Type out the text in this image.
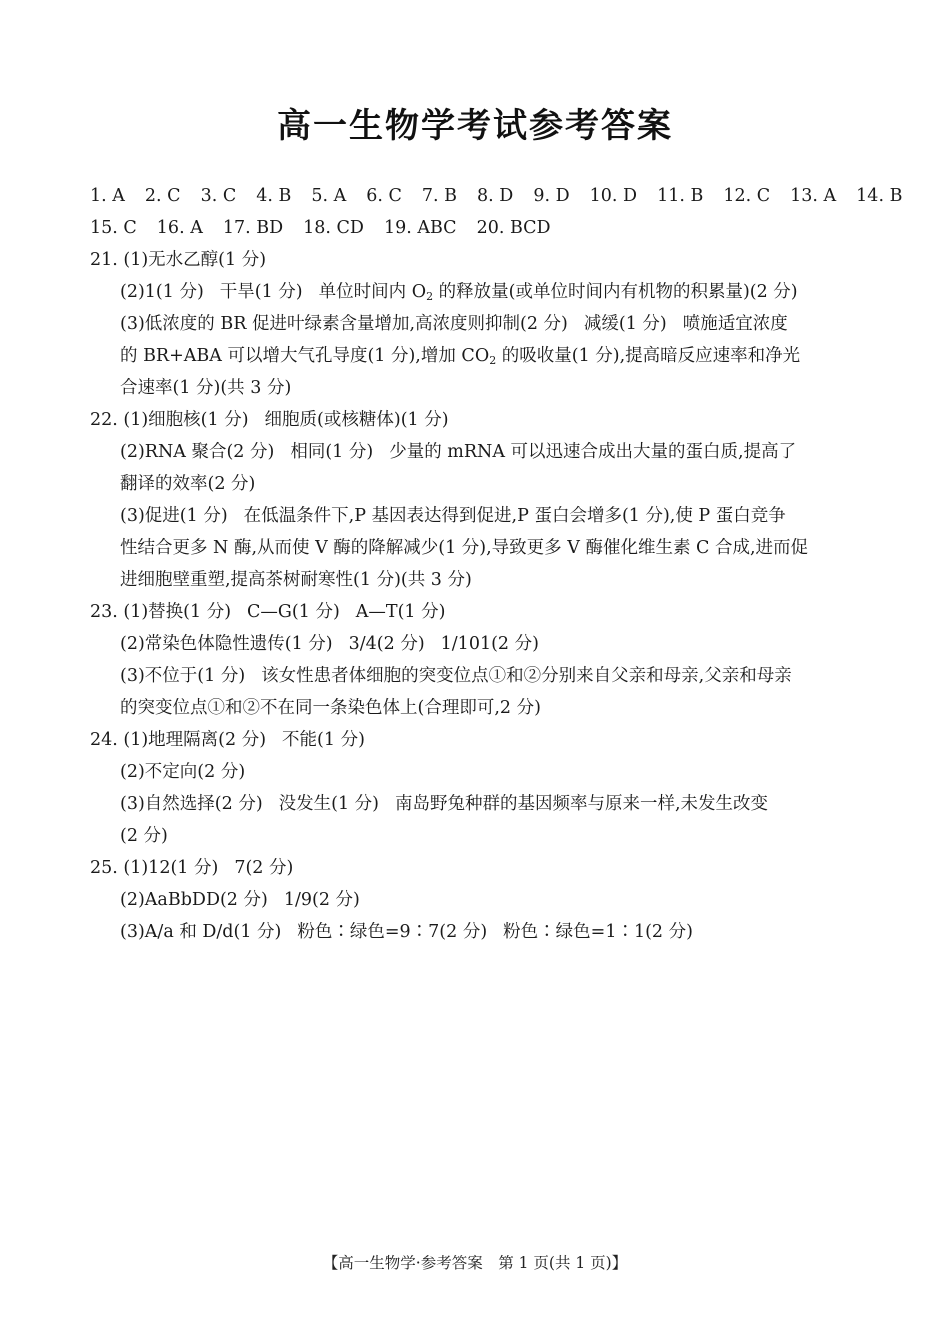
高一生物学考试参考答案
1. A 2. C 3. C 4. B 5. A 6. C 7. B 8. D 9. D 10. D 11. B 12. C 13. A 14. B
15. C 16. A 17. BD 18. CD 19. ABC 20. BCD
21. (1)无水乙醇(1 分)
(2)1(1 分) 干旱(1 分) 单位时间内 $O_2$ 的释放量(或单位时间内有机物的积累量)(2 分)
(3)低浓度的 BR 促进叶绿素含量增加,高浓度则抑制(2 分) 减缓(1 分) 喷施适宜浓度
的 BR+ABA 可以增大气孔导度(1 分),增加 $CO_2$ 的吸收量(1 分),提高暗反应速率和净光
合速率(1 分)(共 3 分)
22. (1)细胞核(1 分) 细胞质(或核糖体)(1 分)
(2)RNA 聚合(2 分) 相同(1 分) 少量的 mRNA 可以迅速合成出大量的蛋白质,提高了
翻译的效率(2 分)
(3)促进(1 分) 在低温条件下,P 基因表达得到促进,P 蛋白会增多(1 分),使 P 蛋白竞争
性结合更多 N 酶,从而使 V 酶的降解减少(1 分),导致更多 V 酶催化维生素 C 合成,进而促
进细胞壁重塑,提高茶树耐寒性(1 分)(共 3 分)
23. (1)替换(1 分) C—G(1 分) A—T(1 分)
(2)常染色体隐性遗传(1 分) 3/4(2 分) 1/101(2 分)
(3)不位于(1 分) 该女性患者体细胞的突变位点①和②分别来自父亲和母亲,父亲和母亲
的突变位点①和②不在同一条染色体上(合理即可,2 分)
24. (1)地理隔离(2 分) 不能(1 分)
(2)不定向(2 分)
(3)自然选择(2 分) 没发生(1 分) 南岛野兔种群的基因频率与原来一样,未发生改变
(2 分)
25. (1)12(1 分) 7(2 分)
(2)AaBbDD(2 分) 1/9(2 分)
(3)A/a 和 D/d(1 分) 粉色∶绿色=9∶7(2 分) 粉色∶绿色=1∶1(2 分)
【高一生物学·参考答案　第 1 页(共 1 页)】
